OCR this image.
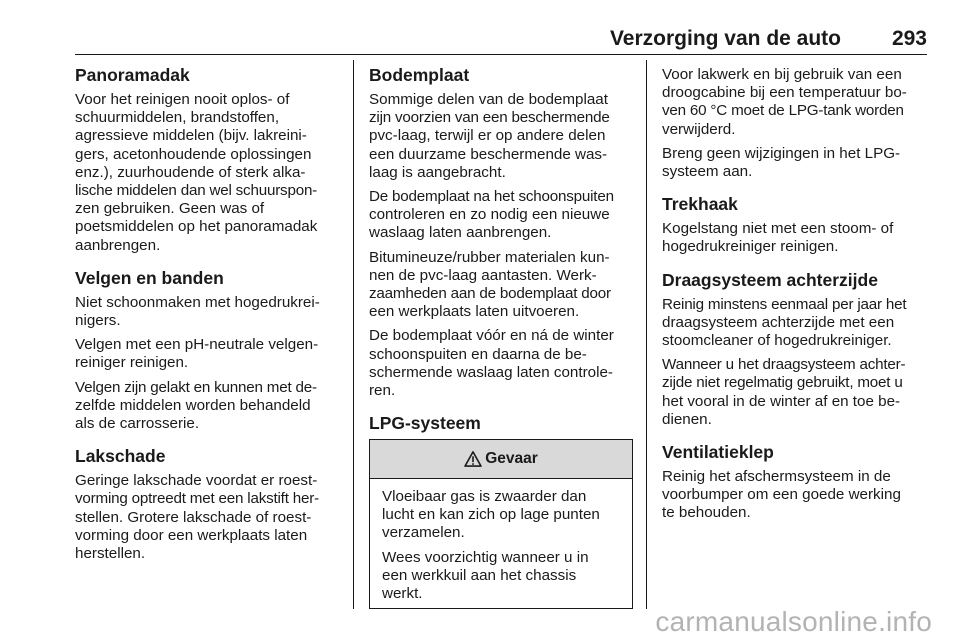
Verzorging van de auto 293
Panoramadak

Voor het reinigen nooit oplos- of
schuurmiddelen, brandstoffen,
agressieve middelen (bijv. lakreini-
gers, acetonhoudende oplossingen
enz.), zuurhoudende of sterk alka-
lische middelen dan wel schuurspon-
zen gebruiken. Geen was of
poetsmiddelen op het panoramadak
aanbrengen.

Velgen en banden

Niet schoonmaken met hogedrukrei-
nigers.

Velgen met een pH-neutrale velgen-
reiniger reinigen.

Velgen zijn gelakt en kunnen met de-
zelfde middelen worden behandeld
als de carrosserie.

Lakschade

Geringe lakschade voordat er roest-
vorming optreedt met een lakstift her-
stellen. Grotere lakschade of roest-
vorming door een werkplaats laten
herstellen.

Bodemplaat

Sommige delen van de bodemplaat
zijn voorzien van een beschermende
pvc-laag, terwijl er op andere delen
een duurzame beschermende was-
laag is aangebracht.

De bodemplaat na het schoonspuiten
controleren en zo nodig een nieuwe
waslaag laten aanbrengen.

Bitumineuze/rubber materialen kun-
nen de pvc-laag aantasten. Werk-
zaamheden aan de bodemplaat door
een werkplaats laten uitvoeren.

De bodemplaat vóór en ná de winter
schoonspuiten en daarna de be-
schermende waslaag laten controle-
ren.

LPG-systeem
Gevaar

Vloeibaar gas is zwaarder dan
lucht en kan zich op lage punten
verzamelen.

Wees voorzichtig wanneer u in
een werkkuil aan het chassis
werkt.

Voor lakwerk en bij gebruik van een
droogcabine bij een temperatuur bo-
ven 60 °C moet de LPG-tank worden
verwijderd.

Breng geen wijzigingen in het LPG-
systeem aan.

Trekhaak

Kogelstang niet met een stoom- of
hogedrukreiniger reinigen.

Draagsysteem achterzijde

Reinig minstens eenmaal per jaar het
draagsysteem achterzijde met een
stoomcleaner of hogedrukreiniger.

Wanneer u het draagsysteem achter-
zijde niet regelmatig gebruikt, moet u
het vooral in de winter af en toe be-
dienen.

Ventilatieklep

Reinig het afschermsysteem in de
voorbumper om een goede werking
te behouden.

carmanualsonline.info
